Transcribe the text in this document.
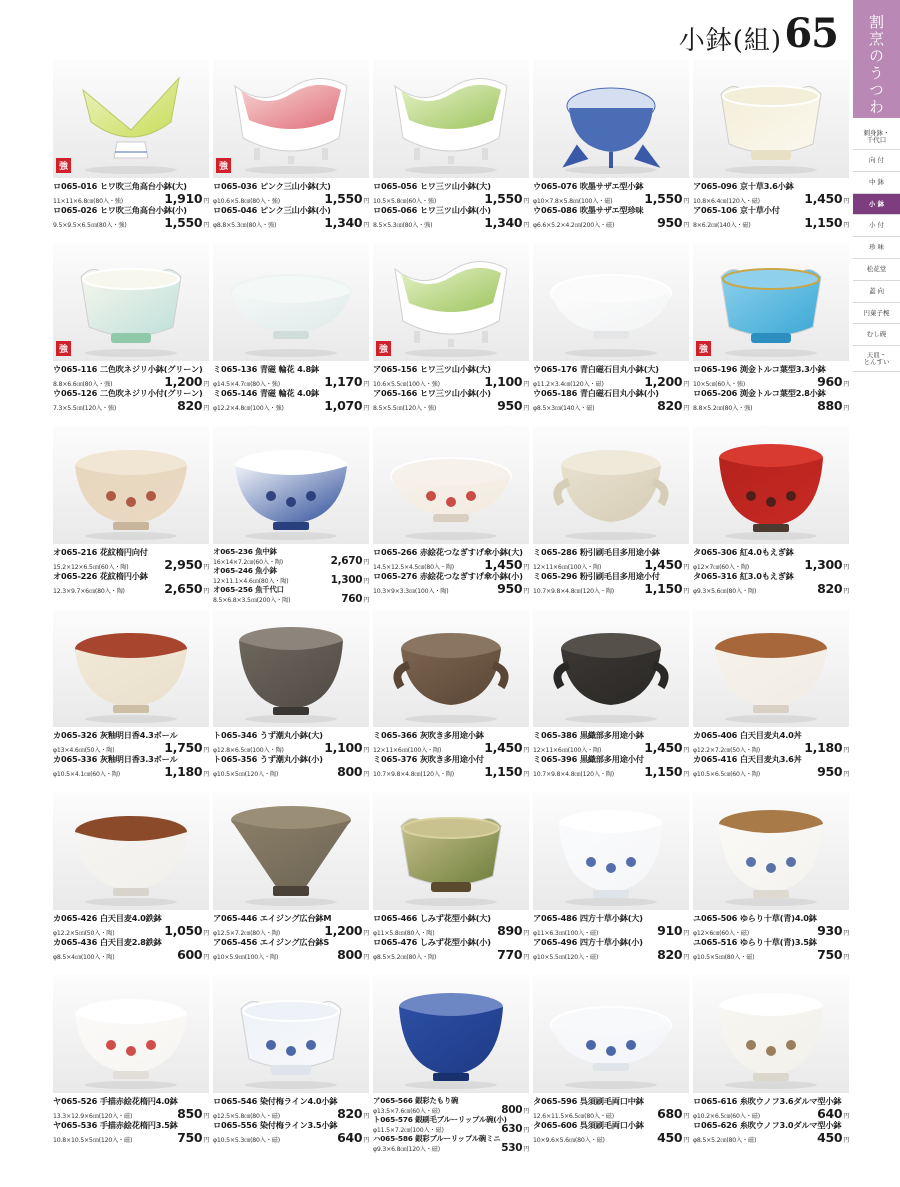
小鉢(組) 65 割烹のうつわ
刺身鉢・
千代口
向 付
中 鉢
小 鉢
小 付
珍 味
松花堂
蓋 向
円菓子椀
むし碗
天皿・
とんすい
強
ロ065-016 ヒワ吹三角高台小鉢(大)
11×11×6.8㎝(80入・強)	1,910円
ロ065-026 ヒワ吹三角高台小鉢(小)
9.5×9.5×6.5㎝(80入・強)	1,550円
強
ロ065-036 ピンク三山小鉢(大)
φ10.6×5.8㎝(80入・強)	1,550円
ロ065-046 ピンク三山小鉢(小)
φ8.8×5.3㎝(80入・強)	1,340円
ロ065-056 ヒワ三ツ山小鉢(大)
10.5×5.8㎝(60入・強)	1,550円
ロ065-066 ヒワ三ツ山小鉢(小)
8.5×5.3㎝(80入・強)	1,340円
ウ065-076 吹墨サザエ型小鉢
φ10×7.8×5.8㎝(100入・磁)	1,550円
ウ065-086 吹墨サザエ型珍味
φ6.6×5.2×4.2㎝(200入・磁)	950円
ア065-096 京十草3.6小鉢
10.8×6.4㎝(120入・磁)	1,450円
ア065-106 京十草小付
8×6.2㎝(140入・磁)	1,150円
強
ウ065-116 二色吹ネジリ小鉢(グリーン)
8.8×6.6㎝(80入・強)	1,200円
ウ065-126 二色吹ネジリ小付(グリーン)
7.3×5.5㎝(120入・強)	820円
ミ065-136 青磁 輪花 4.8鉢
φ14.5×4.7㎝(80入・強)	1,170円
ミ065-146 青磁 輪花 4.0鉢
φ12.2×4.8㎝(100入・強)	1,070円
強
ア065-156 ヒワ三ツ山小鉢(大)
10.6×5.5㎝(100入・強)	1,100円
ア065-166 ヒワ三ツ山小鉢(小)
8.5×5.5㎝(120入・強)	950円
ウ065-176 青白磁石目丸小鉢(大)
φ11.2×3.4㎝(120入・磁)	1,200円
ウ065-186 青白磁石目丸小鉢(小)
φ8.5×3㎝(140入・磁)	820円
強
ロ065-196 渕金トルコ葉型3.3小鉢
10×5㎝(60入・強)	960円
ロ065-206 渕金トルコ葉型2.8小鉢
8.8×5.2㎝(80入・強)	880円
オ065-216 花紋楕円向付
15.2×12×6.5㎝(60入・陶)	2,950円
オ065-226 花紋楕円小鉢
12.3×9.7×6㎝(80入・陶)	2,650円
オ065-236 魚中鉢
16×14×7.2㎝(60入・陶)	2,670円
オ065-246 魚小鉢
12×11.1×4.6㎝(80入・陶)	1,300円
オ065-256 魚千代口
8.5×6.8×3.5㎝(200入・陶)	760円
ロ065-266 赤絵花つなぎすげ傘小鉢(大)
14.5×12.5×4.5㎝(80入・陶) 1,450円
ロ065-276 赤絵花つなぎすげ傘小鉢(小)
10.3×9×3.3㎝(100入・陶)	950円
ミ065-286 粉引刷毛目多用途小鉢
12×11×6㎝(100入・陶)	1,450円
ミ065-296 粉引刷毛目多用途小付
10.7×9.8×4.8㎝(120入・陶) 1,150円
タ065-306 紅4.0もえぎ鉢
φ12×7㎝(60入・陶)	1,300円
タ065-316 紅3.0もえぎ鉢
φ9.3×5.6㎝(80入・陶)	820円
カ065-326 灰釉明日香4.3ボール
φ13×4.6㎝(50入・陶)	1,750円
カ065-336 灰釉明日香3.3ボール
φ10.5×4.1㎝(60入・陶)	1,180円
ト065-346 うず潮丸小鉢(大)
φ12.8×6.5㎝(100入・陶)	1,100円
ト065-356 うず潮丸小鉢(小)
φ10.5×5㎝(120入・陶)	800円
ミ065-366 灰吹き多用途小鉢
12×11×6㎝(100入・陶)	1,450円
ミ065-376 灰吹き多用途小付
10.7×9.8×4.8㎝(120入・陶) 1,150円
ミ065-386 黒織部多用途小鉢
12×11×6㎝(100入・陶)	1,450円
ミ065-396 黒織部多用途小付
10.7×9.8×4.8㎝(120入・陶) 1,150円
カ065-406 白天目麦丸4.0丼
φ12.2×7.2㎝(50入・陶)	1,180円
カ065-416 白天目麦丸3.6丼
φ10.5×6.5㎝(60入・陶)	950円
カ065-426 白天目麦4.0鉄鉢
φ12.2×5㎝(50入・陶)	1,050円
カ065-436 白天目麦2.8鉄鉢
φ8.5×4㎝(100入・陶)	600円
ア065-446 エイジング広台鉢M
φ12.5×7.2㎝(80入・陶)	1,200円
ア065-456 エイジング広台鉢S
φ10×5.9㎝(100入・陶)	800円
ロ065-466 しみず花型小鉢(大)
φ11×5.8㎝(80入・陶)	890円
ロ065-476 しみず花型小鉢(小)
φ8.5×5.2㎝(80入・陶)	770円
ア065-486 四方十草小鉢(大)
φ11×6.3㎝(100入・磁)	910円
ア065-496 四方十草小鉢(小)
φ10×5.5㎝(120入・磁)	820円
ユ065-506 ゆらり十草(青)4.0鉢
φ12×6㎝(60入・磁)	930円
ユ065-516 ゆらり十草(青)3.5鉢
φ10.5×5㎝(80入・磁)	750円
ヤ065-526 手描赤絵花楕円4.0鉢
13.3×12.9×6㎝(120入・磁)	850円
ヤ065-536 手描赤絵花楕円3.5鉢
10.8×10.5×5㎝(120入・磁)	750円
ロ065-546 染付梅ライン4.0小鉢
φ12.5×5.8㎝(80入・磁)	820円
ロ065-556 染付梅ライン3.5小鉢
φ10.5×5.3㎝(80入・磁)	640円
ア065-566 銀彩たもり碗
φ13.5×7.6㎝(60入・磁)	800円
ト065-576 銀刷毛ブルーリップル碗(小)
φ11.5×7.2㎝(100入・磁)	630円
ハ065-586 銀彩ブルーリップル碗ミニ
φ9.3×6.8㎝(120入・磁)	530円
タ065-596 呉須刷毛両口中鉢
12.6×11.5×6.5㎝(80入・磁)	680円
タ065-606 呉須刷毛両口小鉢
10×9.6×5.6㎝(80入・磁)	450円
ロ065-616 糸吹ウノフ3.6ダルマ型小鉢
φ10.2×6.5㎝(60入・磁)	640円
ロ065-626 糸吹ウノフ3.0ダルマ型小鉢
φ8.5×5.2㎝(80入・磁)	450円
